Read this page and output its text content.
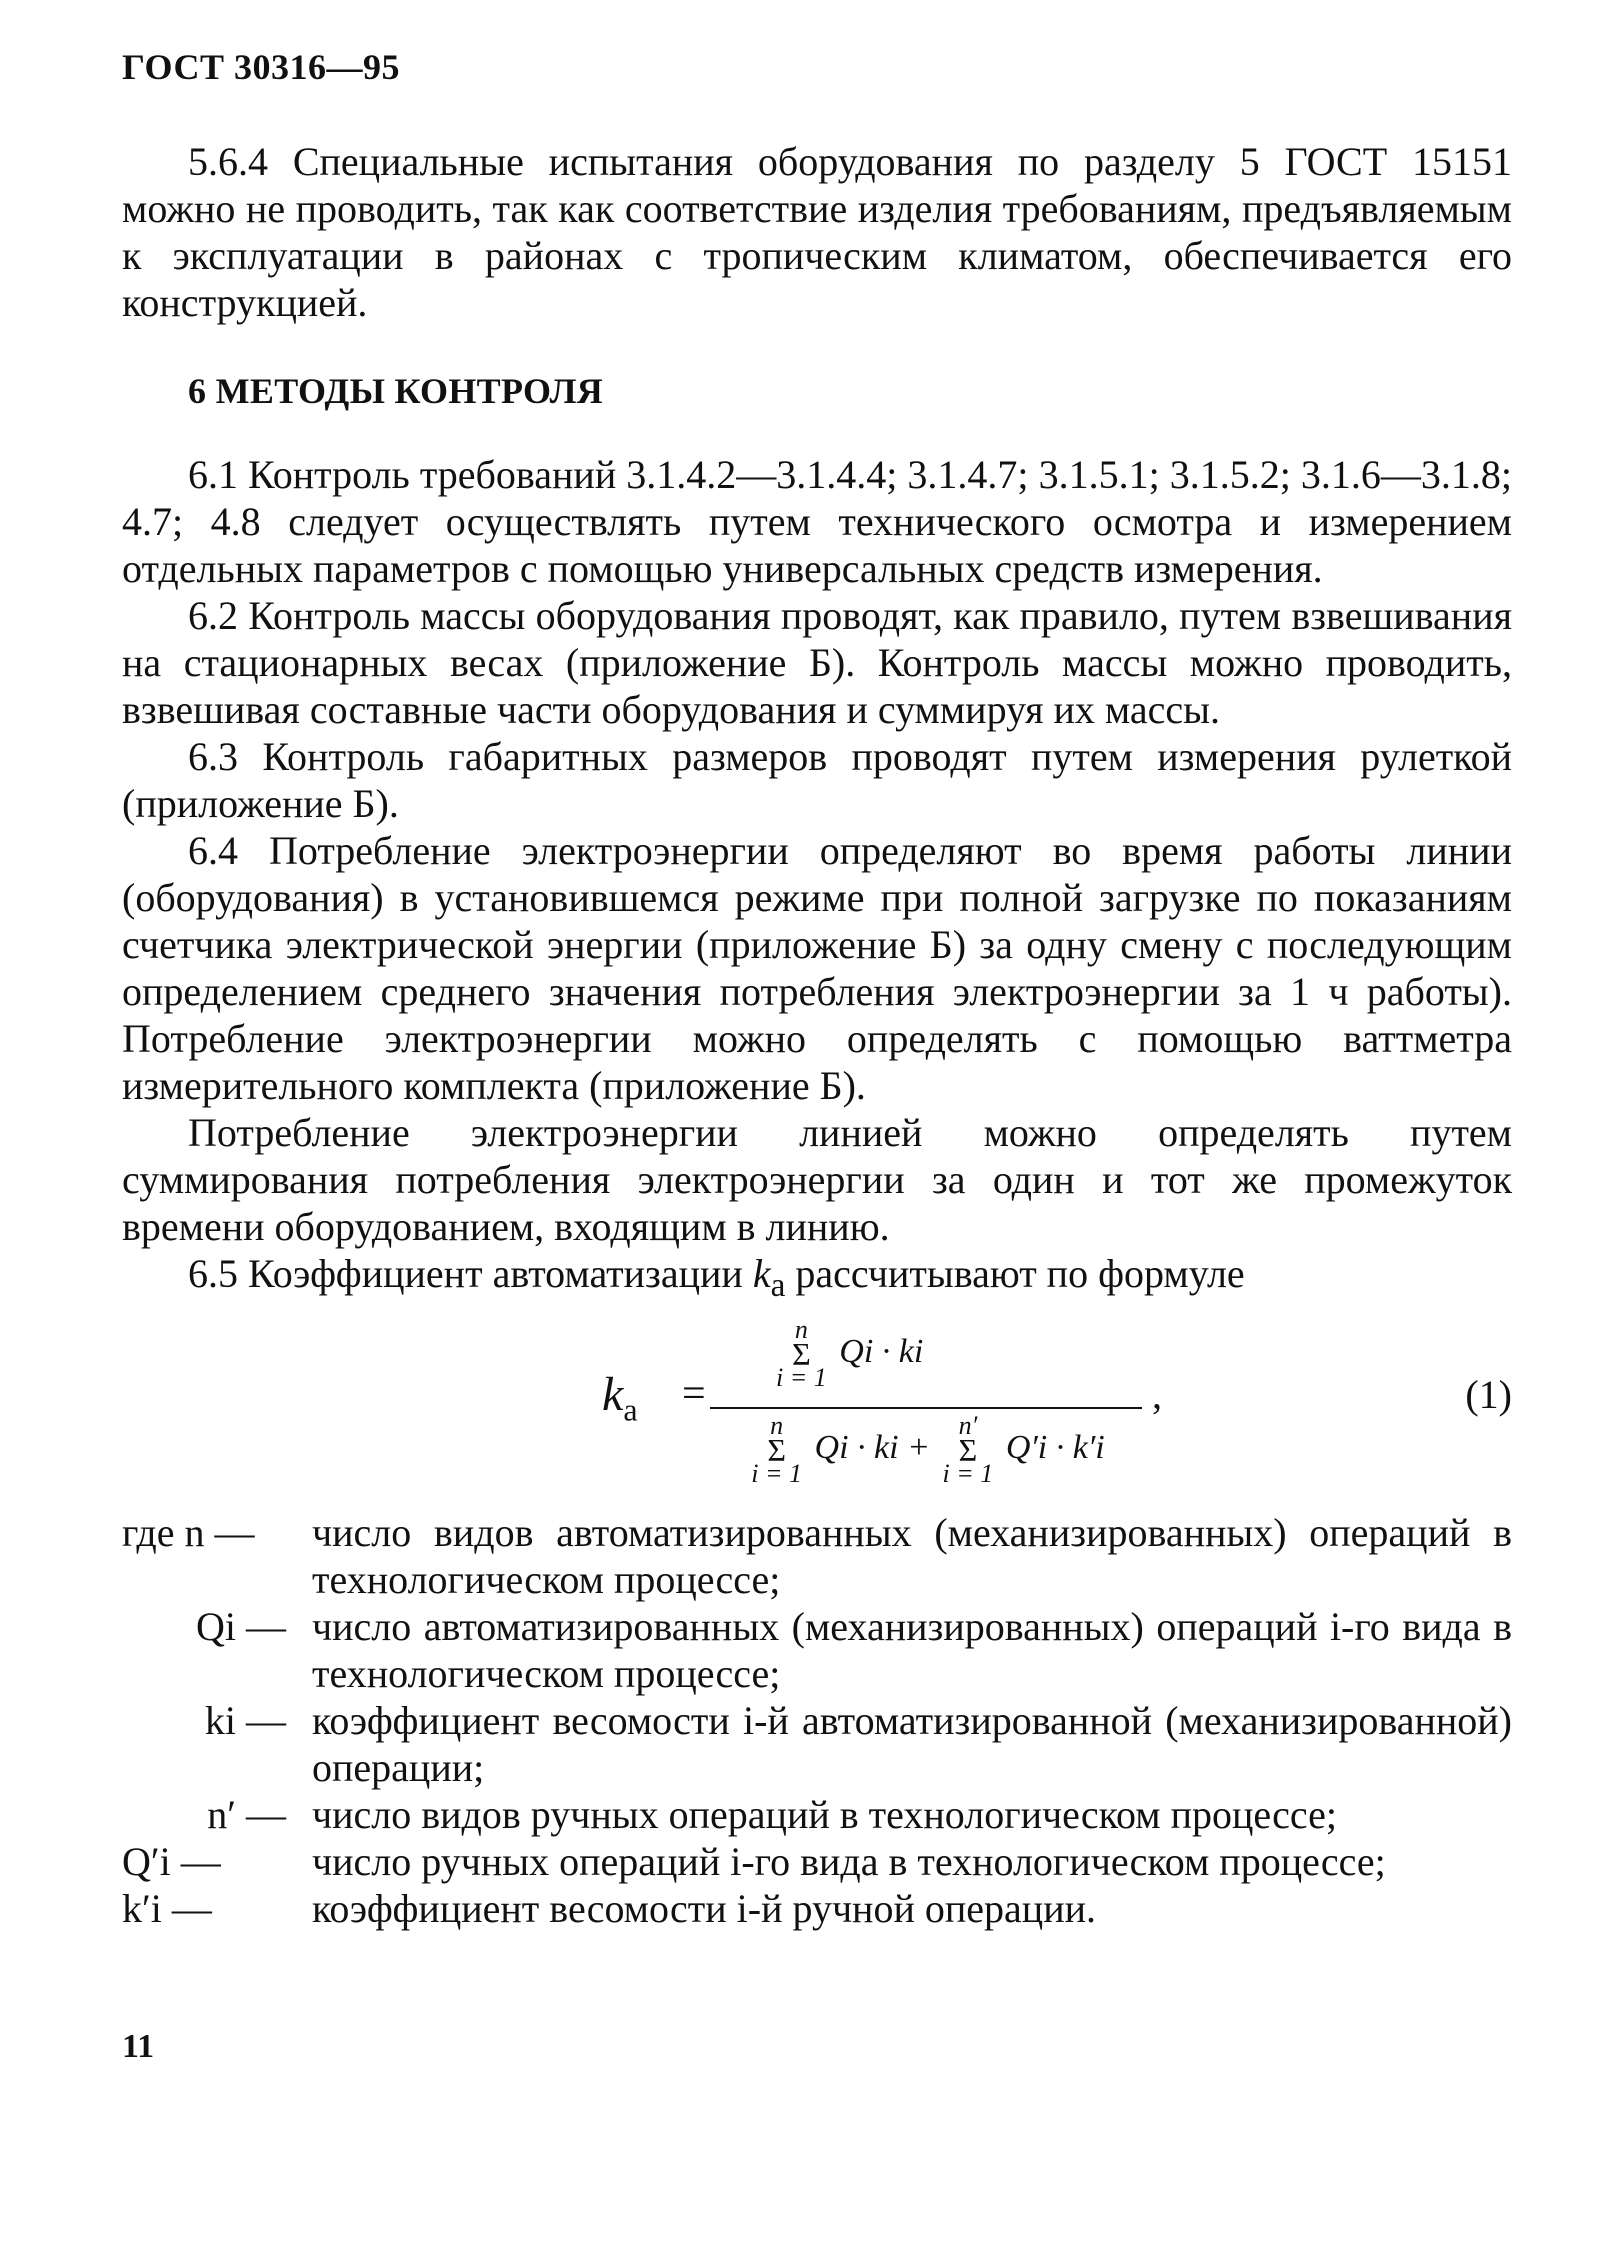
ГОСТ 30316—95

5.6.4 Специальные испытания оборудования по разделу 5 ГОСТ 15151 можно не проводить, так как соответствие изделия требованиям, предъявляемым к эксплуатации в районах с тропическим климатом, обеспечивается его конструкцией.

6 МЕТОДЫ КОНТРОЛЯ

6.1 Контроль требований 3.1.4.2—3.1.4.4; 3.1.4.7; 3.1.5.1; 3.1.5.2; 3.1.6—3.1.8; 4.7; 4.8 следует осуществлять путем технического осмотра и измерением отдельных параметров с помощью универсальных средств измерения.

6.2 Контроль массы оборудования проводят, как правило, путем взвешивания на стационарных весах (приложение Б). Контроль массы можно проводить, взвешивая составные части оборудования и суммируя их массы.

6.3 Контроль габаритных размеров проводят путем измерения рулеткой (приложение Б).

6.4 Потребление электроэнергии определяют во время работы линии (оборудования) в установившемся режиме при полной загрузке по показаниям счетчика электрической энергии (приложение Б) за одну смену с последующим определением среднего значения потребления электроэнергии за 1 ч работы). Потребление электроэнергии можно определять с помощью ваттметра измерительного комплекта (приложение Б).

Потребление электроэнергии линией можно определять путем суммирования потребления электроэнергии за один и тот же промежуток времени оборудованием, входящим в линию.

6.5 Коэффициент автоматизации $k_а$ рассчитывают по формуле

$k_а$ =
n
Σ
i = 1
Qi · ki
n
Σ
i = 1
Qi · ki +
n′
Σ
i = 1
Q′i · k′i
,	(1)
где n —	число видов автоматизированных (механизированных) операций в технологическом процессе;
Qi — число автоматизированных (механизированных) операций i-го вида в технологическом процессе;
ki — коэффициент весомости i-й автоматизированной (механизированной) операции;
n′ — число видов ручных операций в технологическом процессе;
Q′i —	число ручных операций i-го вида в технологическом процессе;
k′i —	коэффициент весомости i-й ручной операции.
11
